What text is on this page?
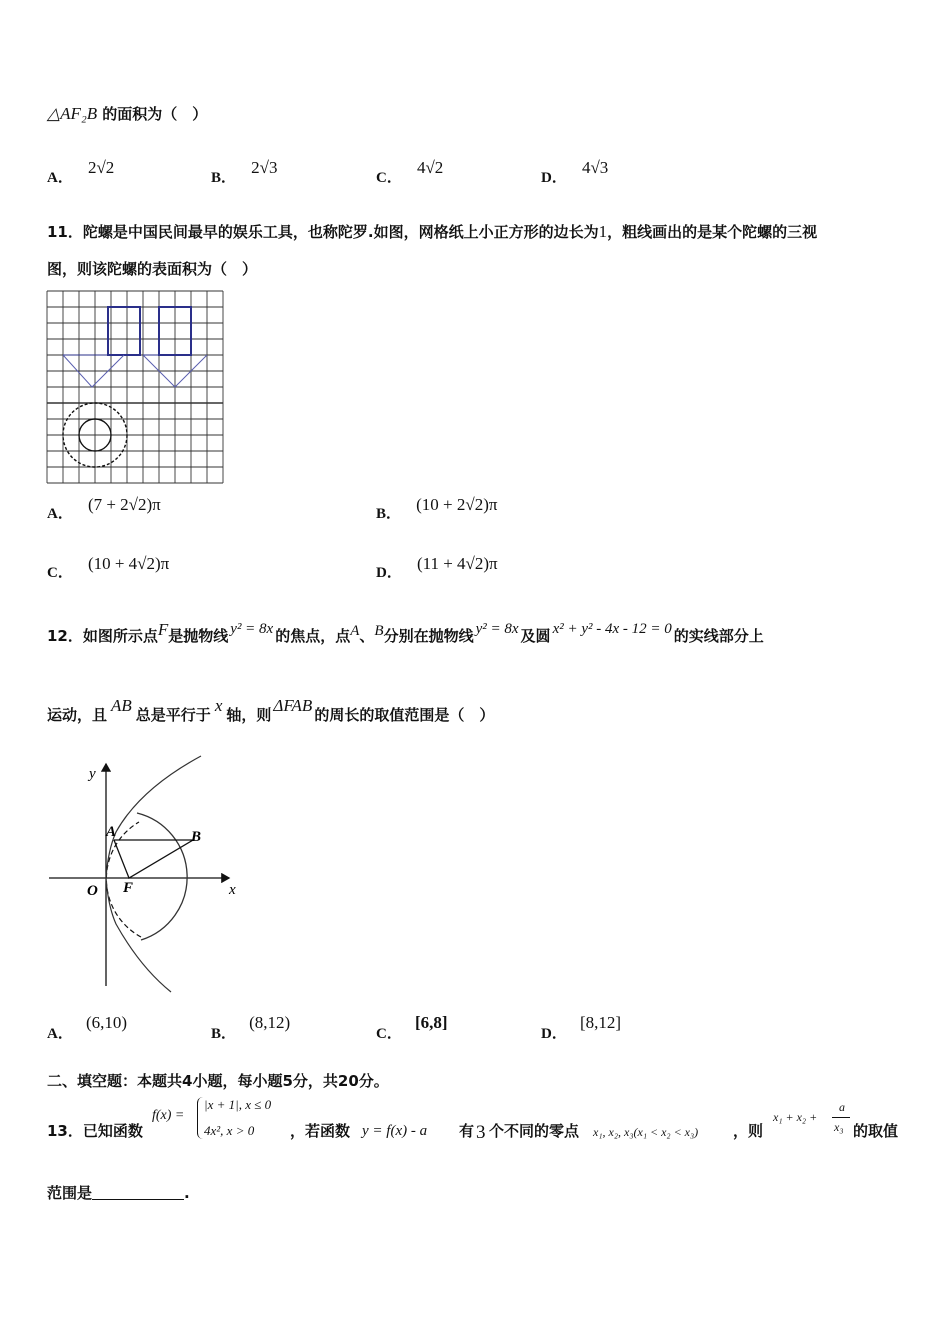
△AF₂B 的面积为（　）
A． 2√2
B． 2√3
C． 4√2
D． 4√3
11．陀螺是中国民间最早的娱乐工具，也称陀罗.如图，网格纸上小正方形的边长为1，粗线画出的是某个陀螺的三视
图，则该陀螺的表面积为（　）
A． (7 + 2√2)π	B． (10 + 2√2)π
C． (10 + 4√2)π	D． (11 + 4√2)π
12．如图所示点F是抛物线 y² = 8x 的焦点，点A、B分别在抛物线 y² = 8x 及圆 x² + y² - 4x - 12 = 0 的实线部分上
运动，且 AB 总是平行于 x 轴，则 ΔFAB 的周长的取值范围是（　）
y
x
O F
A	B
A． (6,10)
B． (8,12)
C． [6,8]
D． [8,12]
二、填空题：本题共4小题，每小题5分，共20分。
13．已知函数
f(x) =
|x + 1|, x ≤ 0
4x², x > 0 ，若函数 y = f(x) - a 有 3 个不同的零点 x₁, x₂, x₃(x₁ < x₂ < x₃) ，则
x₁ + x₂ +
a
x₃ 的取值
范围是	.
